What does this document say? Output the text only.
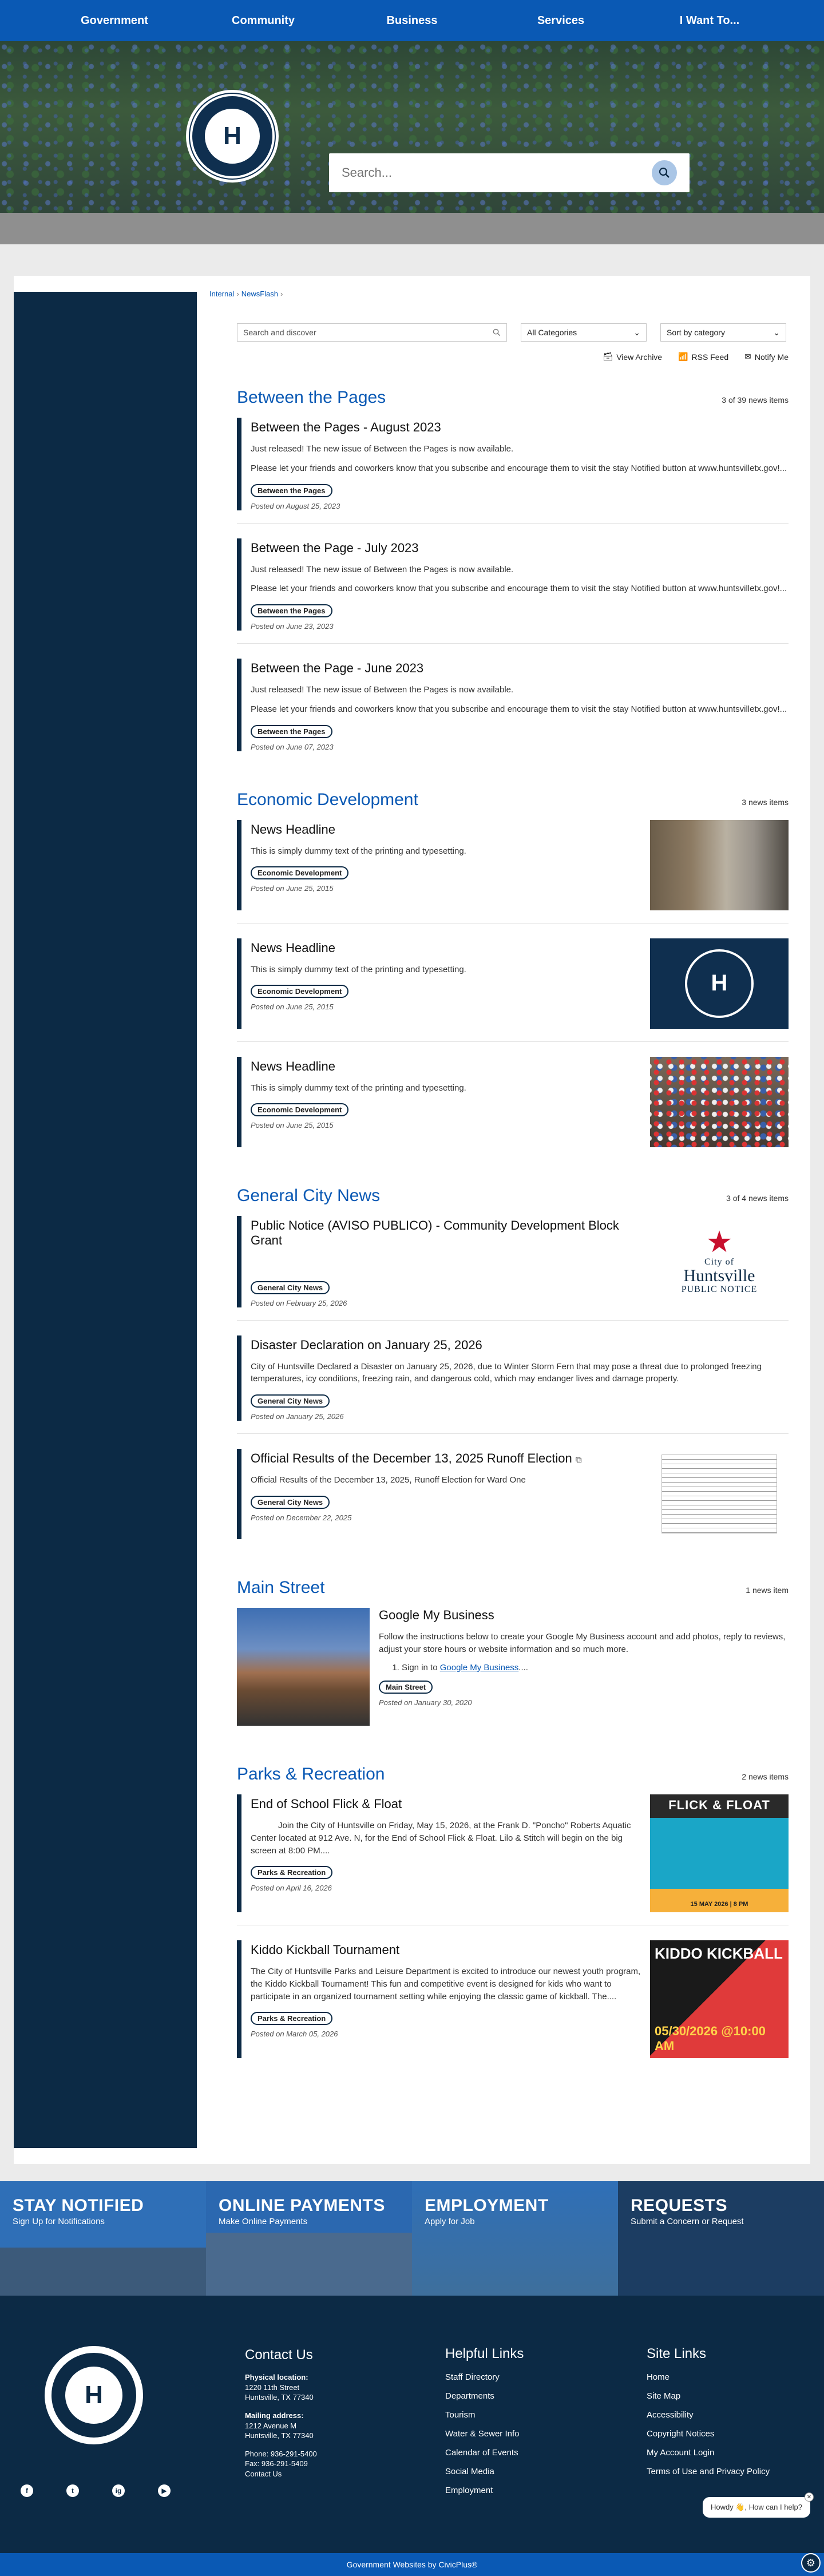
Government	Community	Business	Services	I Want To...
H
Search...
Internal › NewsFlash ›
Search and discover	All Categories	⌄	Sort by category	⌄
🗃 View Archive 📶 RSS Feed ✉ Notify Me
Between the Pages	3 of 39 news items
Between the Pages - August 2023

Just released! The new issue of Between the Pages is now available.

Please let your friends and coworkers know that you subscribe and encourage them to visit the stay Notified button at www.huntsvilletx.gov!...

Between the Pages
Posted on August 25, 2023
Between the Page - July 2023

Just released! The new issue of Between the Pages is now available.

Please let your friends and coworkers know that you subscribe and encourage them to visit the stay Notified button at www.huntsvilletx.gov!...

Between the Pages
Posted on June 23, 2023
Between the Page - June 2023

Just released! The new issue of Between the Pages is now available.

Please let your friends and coworkers know that you subscribe and encourage them to visit the stay Notified button at www.huntsvilletx.gov!...

Between the Pages
Posted on June 07, 2023
Economic Development	3 news items
News Headline

This is simply dummy text of the printing and typesetting.

Economic Development
Posted on June 25, 2015
News Headline

This is simply dummy text of the printing and typesetting.

Economic Development
Posted on June 25, 2015
H
News Headline

This is simply dummy text of the printing and typesetting.

Economic Development
Posted on June 25, 2015
General City News	3 of 4 news items
Public Notice (AVISO PUBLICO) - Community Development Block Grant
General City News
Posted on February 25, 2026
★
City of
Huntsville
PUBLIC NOTICE
Disaster Declaration on January 25, 2026

City of Huntsville Declared a Disaster on January 25, 2026, due to Winter Storm Fern that may pose a threat due to prolonged freezing temperatures, icy conditions, freezing rain, and dangerous cold, which may endanger lives and damage property.

General City News
Posted on January 25, 2026
Official Results of the December 13, 2025 Runoff Election ⧉

Official Results of the December 13, 2025, Runoff Election for Ward One

General City News
Posted on December 22, 2025
Main Street	1 news item
Google My Business

Follow the instructions below to create your Google My Business account and add photos, reply to reviews, adjust your store hours or website information and so much more.

1. Sign in to Google My Business....
Main Street
Posted on January 30, 2020
Parks & Recreation	2 news items
End of School Flick & Float

Join the City of Huntsville on Friday, May 15, 2026, at the Frank D. "Poncho" Roberts Aquatic Center located at 912 Ave. N, for the End of School Flick & Float. Lilo & Stitch will begin on the big screen at 8:00 PM....

Parks & Recreation
Posted on April 16, 2026
FLICK & FLOAT
15 MAY 2026 | 8 PM
Kiddo Kickball Tournament

The City of Huntsville Parks and Leisure Department is excited to introduce our newest youth program, the Kiddo Kickball Tournament! This fun and competitive event is designed for kids who want to participate in an organized tournament setting while enjoying the classic game of kickball. The....

Parks & Recreation
Posted on March 05, 2026
KIDDO KICKBALL
05/30/2026 @10:00 AM
STAY NOTIFIED
Sign Up for Notifications
ONLINE PAYMENTS
Make Online Payments
EMPLOYMENT
Apply for Job
REQUESTS
Submit a Concern or Request
H
f	t	ig	▶
Contact Us
Physical location:
1220 11th Street
Huntsville, TX 77340
Mailing address:
1212 Avenue M
Huntsville, TX 77340
Phone: 936-291-5400
Fax: 936-291-5409
Contact Us
Helpful Links
Staff Directory
Departments
Tourism
Water & Sewer Info
Calendar of Events
Social Media
Employment
Site Links
Home
Site Map
Accessibility
Copyright Notices
My Account Login
Terms of Use and Privacy Policy
Howdy 👋, How can I help?
✕
Government Websites by CivicPlus®	⚙
